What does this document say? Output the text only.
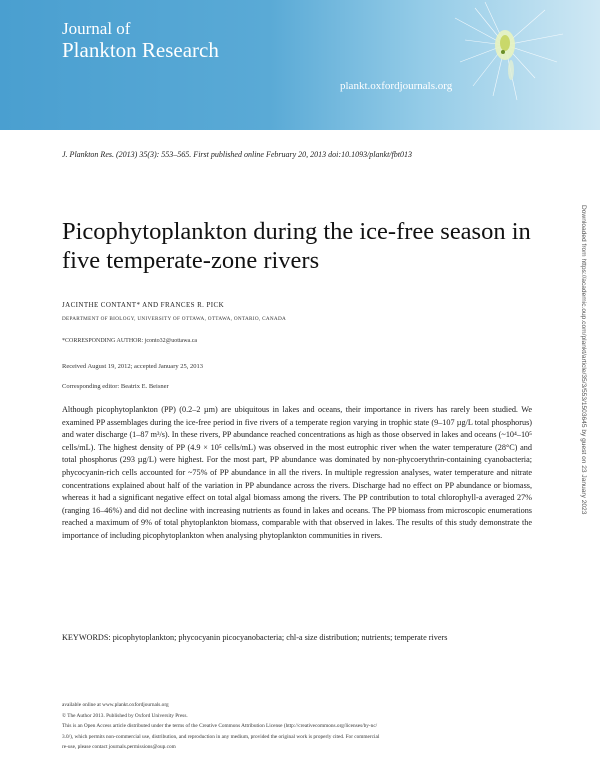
Journal of
Plankton Research
plankt.oxfordjournals.org
J. Plankton Res. (2013) 35(3): 553–565. First published online February 20, 2013 doi:10.1093/plankt/fbt013
Picophytoplankton during the ice-free season in five temperate-zone rivers
JACINTHE CONTANT* AND FRANCES R. PICK
DEPARTMENT OF BIOLOGY, UNIVERSITY OF OTTAWA, OTTAWA, ONTARIO, CANADA
*CORRESPONDING AUTHOR: jconto32@uottawa.ca
Received August 19, 2012; accepted January 25, 2013
Corresponding editor: Beatrix E. Beisner

Although picophytoplankton (PP) (0.2–2 µm) are ubiquitous in lakes and oceans, their importance in rivers has rarely been studied. We examined PP assemblages during the ice-free period in five rivers of a temperate region varying in trophic state (9–107 µg/L total phosphorus) and water discharge (1–87 m³/s). In these rivers, PP abundance reached concentrations as high as those observed in lakes and oceans (~10⁴–10⁵ cells/mL). The highest density of PP (4.9 × 10⁵ cells/mL) was observed in the most eutrophic river when the water temperature (28°C) and total phosphorus (293 µg/L) were highest. For the most part, PP abundance was dominated by non-phycoerythrin-containing cyanobacteria; phycocyanin-rich cells accounted for ~75% of PP abundance in all the rivers. In multiple regression analyses, water temperature and nitrate concentrations explained about half of the variation in PP abundance across the rivers. Discharge had no effect on PP abundance or biomass, whereas it had a significant negative effect on total algal biomass among the rivers. The PP contribution to total chlorophyll-a averaged 27% (ranging 16–46%) and did not decline with increasing nutrients as found in lakes and oceans. The PP biomass from microscopic enumerations reached a maximum of 9% of total phytoplankton biomass, comparable with that observed in lakes. The results of this study demonstrate the importance of including picophytoplankton when analysing phytoplankton communities in rivers.

KEYWORDS: picophytoplankton; phycocyanin picocyanobacteria; chl-a size distribution; nutrients; temperate rivers

available online at www.plankt.oxfordjournals.org
© The Author 2013. Published by Oxford University Press.
This is an Open Access article distributed under the terms of the Creative Commons Attribution License (http://creativecommons.org/licenses/by-nc/
3.0/), which permits non-commercial use, distribution, and reproduction in any medium, provided the original work is properly cited. For commercial
re-use, please contact journals.permissions@oup.com
Downloaded from https://academic.oup.com/plankt/article/35/3/553/1503645 by guest on 23 January 2023
